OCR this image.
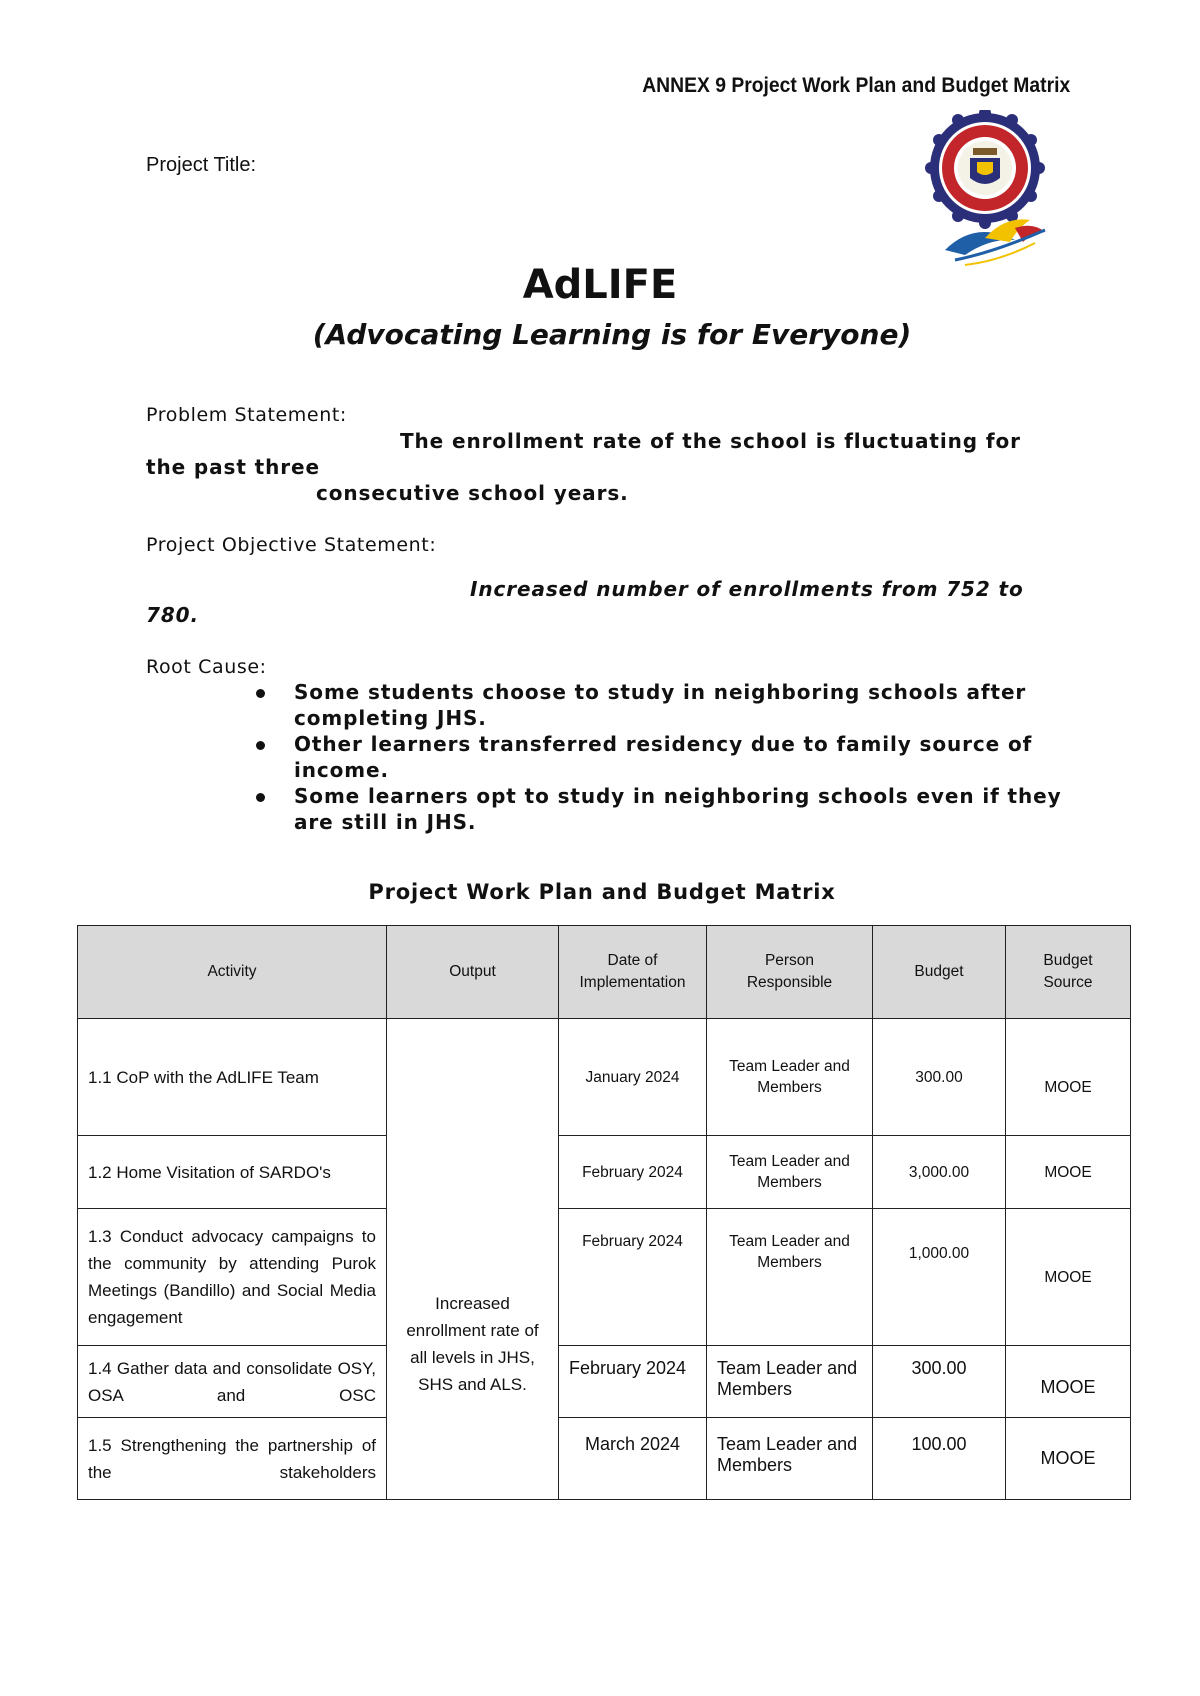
ANNEX 9 Project Work Plan and Budget Matrix
Project Title:
AdLIFE
(Advocating Learning is for Everyone)
Problem Statement:
The enrollment rate of the school is fluctuating for
the past three
consecutive school years.
Project Objective Statement:
Increased number of enrollments from 752 to
780.
Root Cause:
Some students choose to study in neighboring schools after completing JHS.
Other learners transferred residency due to family source of income.
Some learners opt to study in neighboring schools even if they are still in JHS.
Project Work Plan and Budget Matrix
Activity	Output	Date of Implementation	Person Responsible	Budget	Budget Source
1.1 CoP with the AdLIFE Team	Increased enrollment rate of all levels in JHS, SHS and ALS.	January 2024	Team Leader and Members	300.00	MOOE
1.2 Home Visitation of SARDO's		February 2024	Team Leader and Members	3,000.00	MOOE
1.3 Conduct advocacy campaigns to the community by attending Purok Meetings (Bandillo) and Social Media engagement		February 2024	Team Leader and Members	1,000.00	MOOE
1.4 Gather data and consolidate OSY, OSA and OSC		February 2024	Team Leader and Members	300.00	MOOE
1.5 Strengthening the partnership of the stakeholders		March 2024	Team Leader and Members	100.00	MOOE
